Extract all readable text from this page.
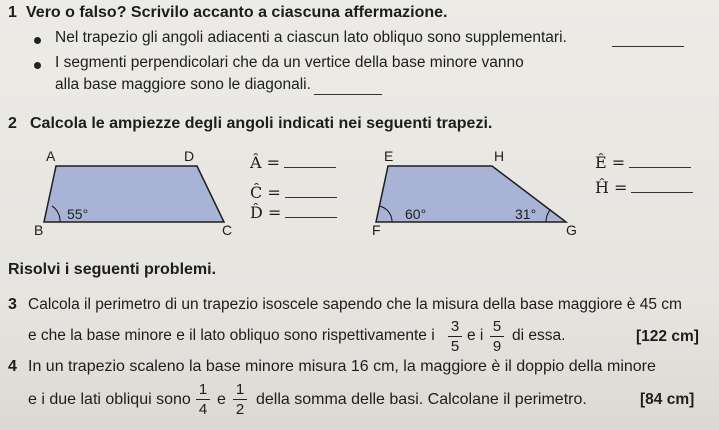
1 Vero o falso? Scrivilo accanto a ciascuna affermazione.
Nel trapezio gli angoli adiacenti a ciascun lato obliquo sono supplementari.
I segmenti perpendicolari che da un vertice della base minore vanno
alla base maggiore sono le diagonali.
2 Calcola le ampiezze degli angoli indicati nei seguenti trapezi.
A	D
B	C
55°
Â =
Ĉ =
D̂ =
E	H
F	G
60°	31°
Ê =
Ĥ =
Risolvi i seguenti problemi.
3 Calcola il perimetro di un trapezio isoscele sapendo che la misura della base maggiore è 45 cm
e che la base minore e il lato obliquo sono rispettivamente i
3
5
e i
5
9
di essa.	[122 cm]
4 In un trapezio scaleno la base minore misura 16 cm, la maggiore è il doppio della minore
e i due lati obliqui sono
1
4
e
1
2
della somma delle basi. Calcolane il perimetro.	[84 cm]
